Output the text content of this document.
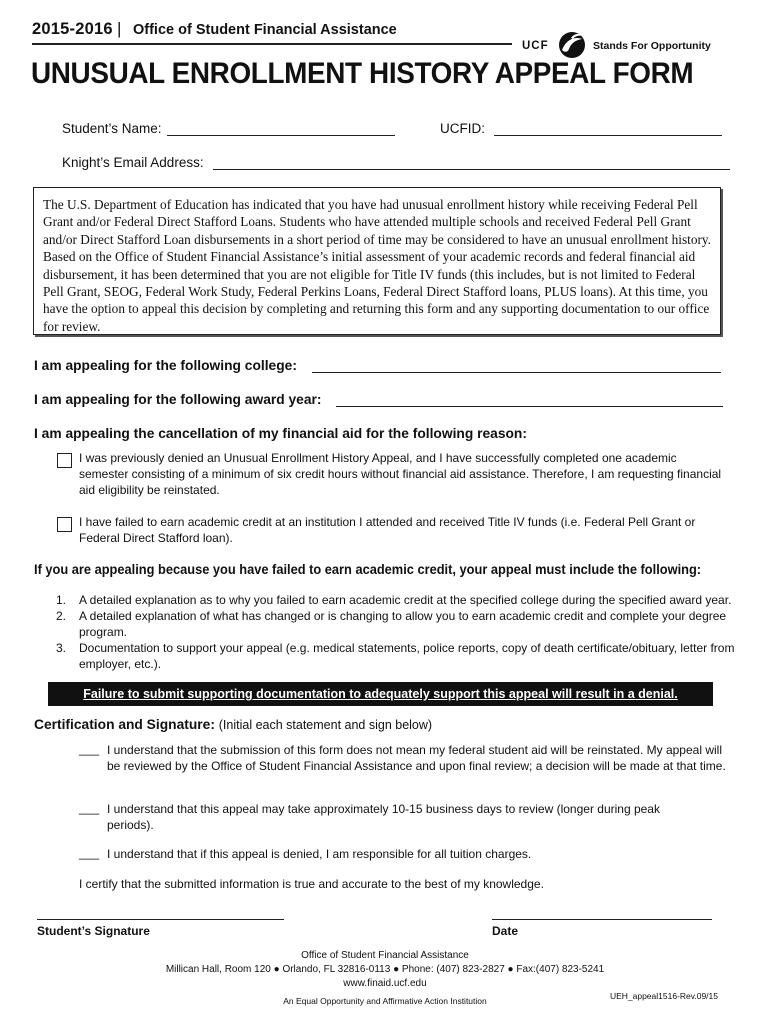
2015-2016 | Office of Student Financial Assistance
UCF	Stands For Opportunity
UNUSUAL ENROLLMENT HISTORY APPEAL FORM
Student’s Name:	UCFID:
Knight’s Email Address:
The U.S. Department of Education has indicated that you have had unusual enrollment history while receiving Federal Pell Grant and/or Federal Direct Stafford Loans. Students who have attended multiple schools and received Federal Pell Grant and/or Direct Stafford Loan disbursements in a short period of time may be considered to have an unusual enrollment history. Based on the Office of Student Financial Assistance’s initial assessment of your academic records and federal financial aid disbursement, it has been determined that you are not eligible for Title IV funds (this includes, but is not limited to Federal Pell Grant, SEOG, Federal Work Study, Federal Perkins Loans, Federal Direct Stafford loans, PLUS loans). At this time, you have the option to appeal this decision by completing and returning this form and any supporting documentation to our office for review.
I am appealing for the following college:
I am appealing for the following award year:
I am appealing the cancellation of my financial aid for the following reason:
I was previously denied an Unusual Enrollment History Appeal, and I have successfully completed one academic semester consisting of a minimum of six credit hours without financial aid assistance. Therefore, I am requesting financial aid eligibility be reinstated.
I have failed to earn academic credit at an institution I attended and received Title IV funds (i.e. Federal Pell Grant or Federal Direct Stafford loan).
If you are appealing because you have failed to earn academic credit, your appeal must include the following:
1. A detailed explanation as to why you failed to earn academic credit at the specified college during the specified award year.
2. A detailed explanation of what has changed or is changing to allow you to earn academic credit and complete your degree program.
3. Documentation to support your appeal (e.g. medical statements, police reports, copy of death certificate/obituary, letter from employer, etc.).
Failure to submit supporting documentation to adequately support this appeal will result in a denial.
Certification and Signature: (Initial each statement and sign below)
___ I understand that the submission of this form does not mean my federal student aid will be reinstated. My appeal will be reviewed by the Office of Student Financial Assistance and upon final review; a decision will be made at that time.
___ I understand that this appeal may take approximately 10-15 business days to review (longer during peak periods).
___ I understand that if this appeal is denied, I am responsible for all tuition charges.
I certify that the submitted information is true and accurate to the best of my knowledge.
Student’s Signature	Date
Office of Student Financial Assistance
Millican Hall, Room 120 ● Orlando, FL 32816-0113 ● Phone: (407) 823-2827 ● Fax:(407) 823-5241
www.finaid.ucf.edu
An Equal Opportunity and Affirmative Action Institution	UEH_appeal1516-Rev.09/15
